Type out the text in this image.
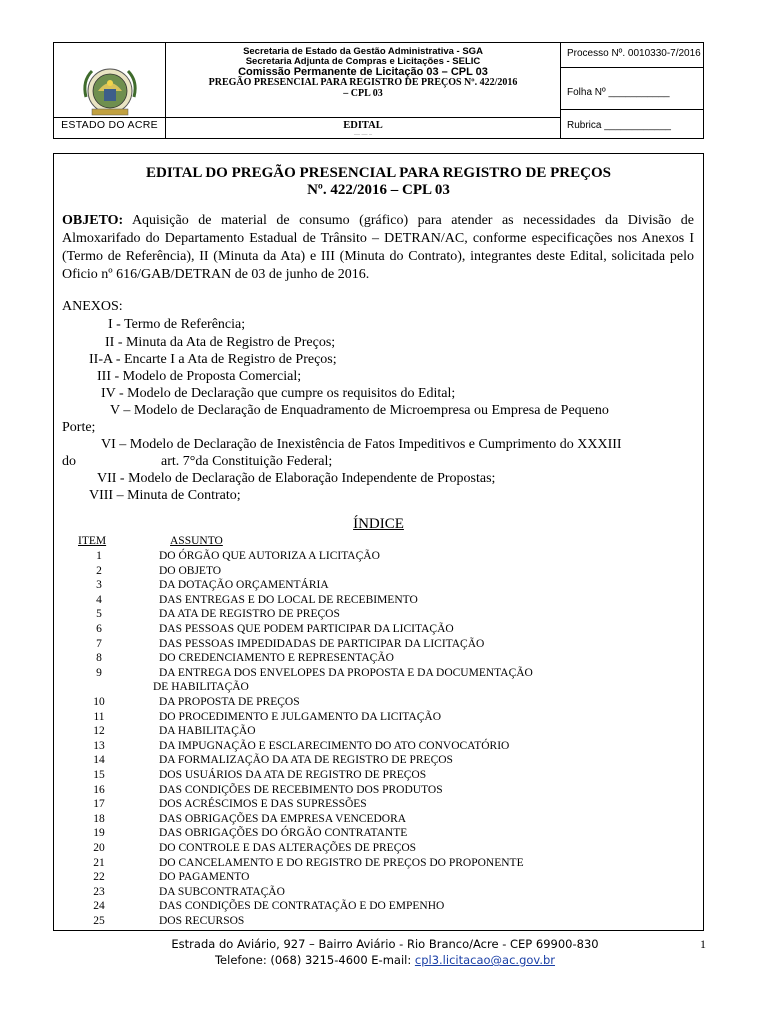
ESTADO DO ACRE
Secretaria de Estado da Gestão Administrativa - SGA
Secretaria Adjunta de Compras e Licitações - SELIC
Comissão Permanente de Licitação 03 – CPL 03
PREGÃO PRESENCIAL PARA REGISTRO DE PREÇOS Nº. 422/2016
– CPL 03
EDITAL
— — –
Processo Nº. 0010330-7/2016
Folha Nº ___________
Rubrica ____________
EDITAL DO PREGÃO PRESENCIAL PARA REGISTRO DE PREÇOS
Nº. 422/2016 – CPL 03
OBJETO: Aquisição de material de consumo (gráfico) para atender as necessidades da Divisão de Almoxarifado do Departamento Estadual de Trânsito – DETRAN/AC, conforme especificações nos Anexos I (Termo de Referência), II (Minuta da Ata) e III (Minuta do Contrato), integrantes deste Edital, solicitada pelo Oficio nº 616/GAB/DETRAN de 03 de junho de 2016.
ANEXOS:
I - Termo de Referência;
II - Minuta da Ata de Registro de Preços;
II-A - Encarte I a Ata de Registro de Preços;
III - Modelo de Proposta Comercial;
IV - Modelo de Declaração que cumpre os requisitos do Edital;
V – Modelo de Declaração de Enquadramento de Microempresa ou Empresa de Pequeno
Porte;
VI – Modelo de Declaração de Inexistência de Fatos Impeditivos e Cumprimento do XXXIII
do	art. 7°da Constituição Federal;
VII - Modelo de Declaração de Elaboração Independente de Propostas;
VIII – Minuta de Contrato;
ÍNDICE
ITEM	ASSUNTO
1	DO ÓRGÃO QUE AUTORIZA A LICITAÇÃO
2	DO OBJETO
3	DA DOTAÇÃO ORÇAMENTÁRIA
4	DAS ENTREGAS E DO LOCAL DE RECEBIMENTO
5	DA ATA DE REGISTRO DE PREÇOS
6	DAS PESSOAS QUE PODEM PARTICIPAR DA LICITAÇÃO
7	DAS PESSOAS IMPEDIDADAS DE PARTICIPAR DA LICITAÇÃO
8	DO CREDENCIAMENTO E REPRESENTAÇÃO
9	DA ENTREGA DOS ENVELOPES DA PROPOSTA E DA DOCUMENTAÇÃO
DE HABILITAÇÃO
10	DA PROPOSTA DE PREÇOS
11	DO PROCEDIMENTO E JULGAMENTO DA LICITAÇÃO
12	DA HABILITAÇÃO
13	DA IMPUGNAÇÃO E ESCLARECIMENTO DO ATO CONVOCATÓRIO
14	DA FORMALIZAÇÃO DA ATA DE REGISTRO DE PREÇOS
15	DOS USUÁRIOS DA ATA DE REGISTRO DE PREÇOS
16	DAS CONDIÇÕES DE RECEBIMENTO DOS PRODUTOS
17	DOS ACRÉSCIMOS E DAS SUPRESSÕES
18	DAS OBRIGAÇÕES DA EMPRESA VENCEDORA
19	DAS OBRIGAÇÕES DO ÓRGÃO CONTRATANTE
20	DO CONTROLE E DAS ALTERAÇÕES DE PREÇOS
21	DO CANCELAMENTO E DO REGISTRO DE PREÇOS DO PROPONENTE
22	DO PAGAMENTO
23	DA SUBCONTRATAÇÃO
24	DAS CONDIÇÕES DE CONTRATAÇÃO E DO EMPENHO
25	DOS RECURSOS
Estrada do Aviário, 927 – Bairro Aviário - Rio Branco/Acre - CEP 69900-830
Telefone: (068) 3215-4600 E-mail: cpl3.licitacao@ac.gov.br
1
